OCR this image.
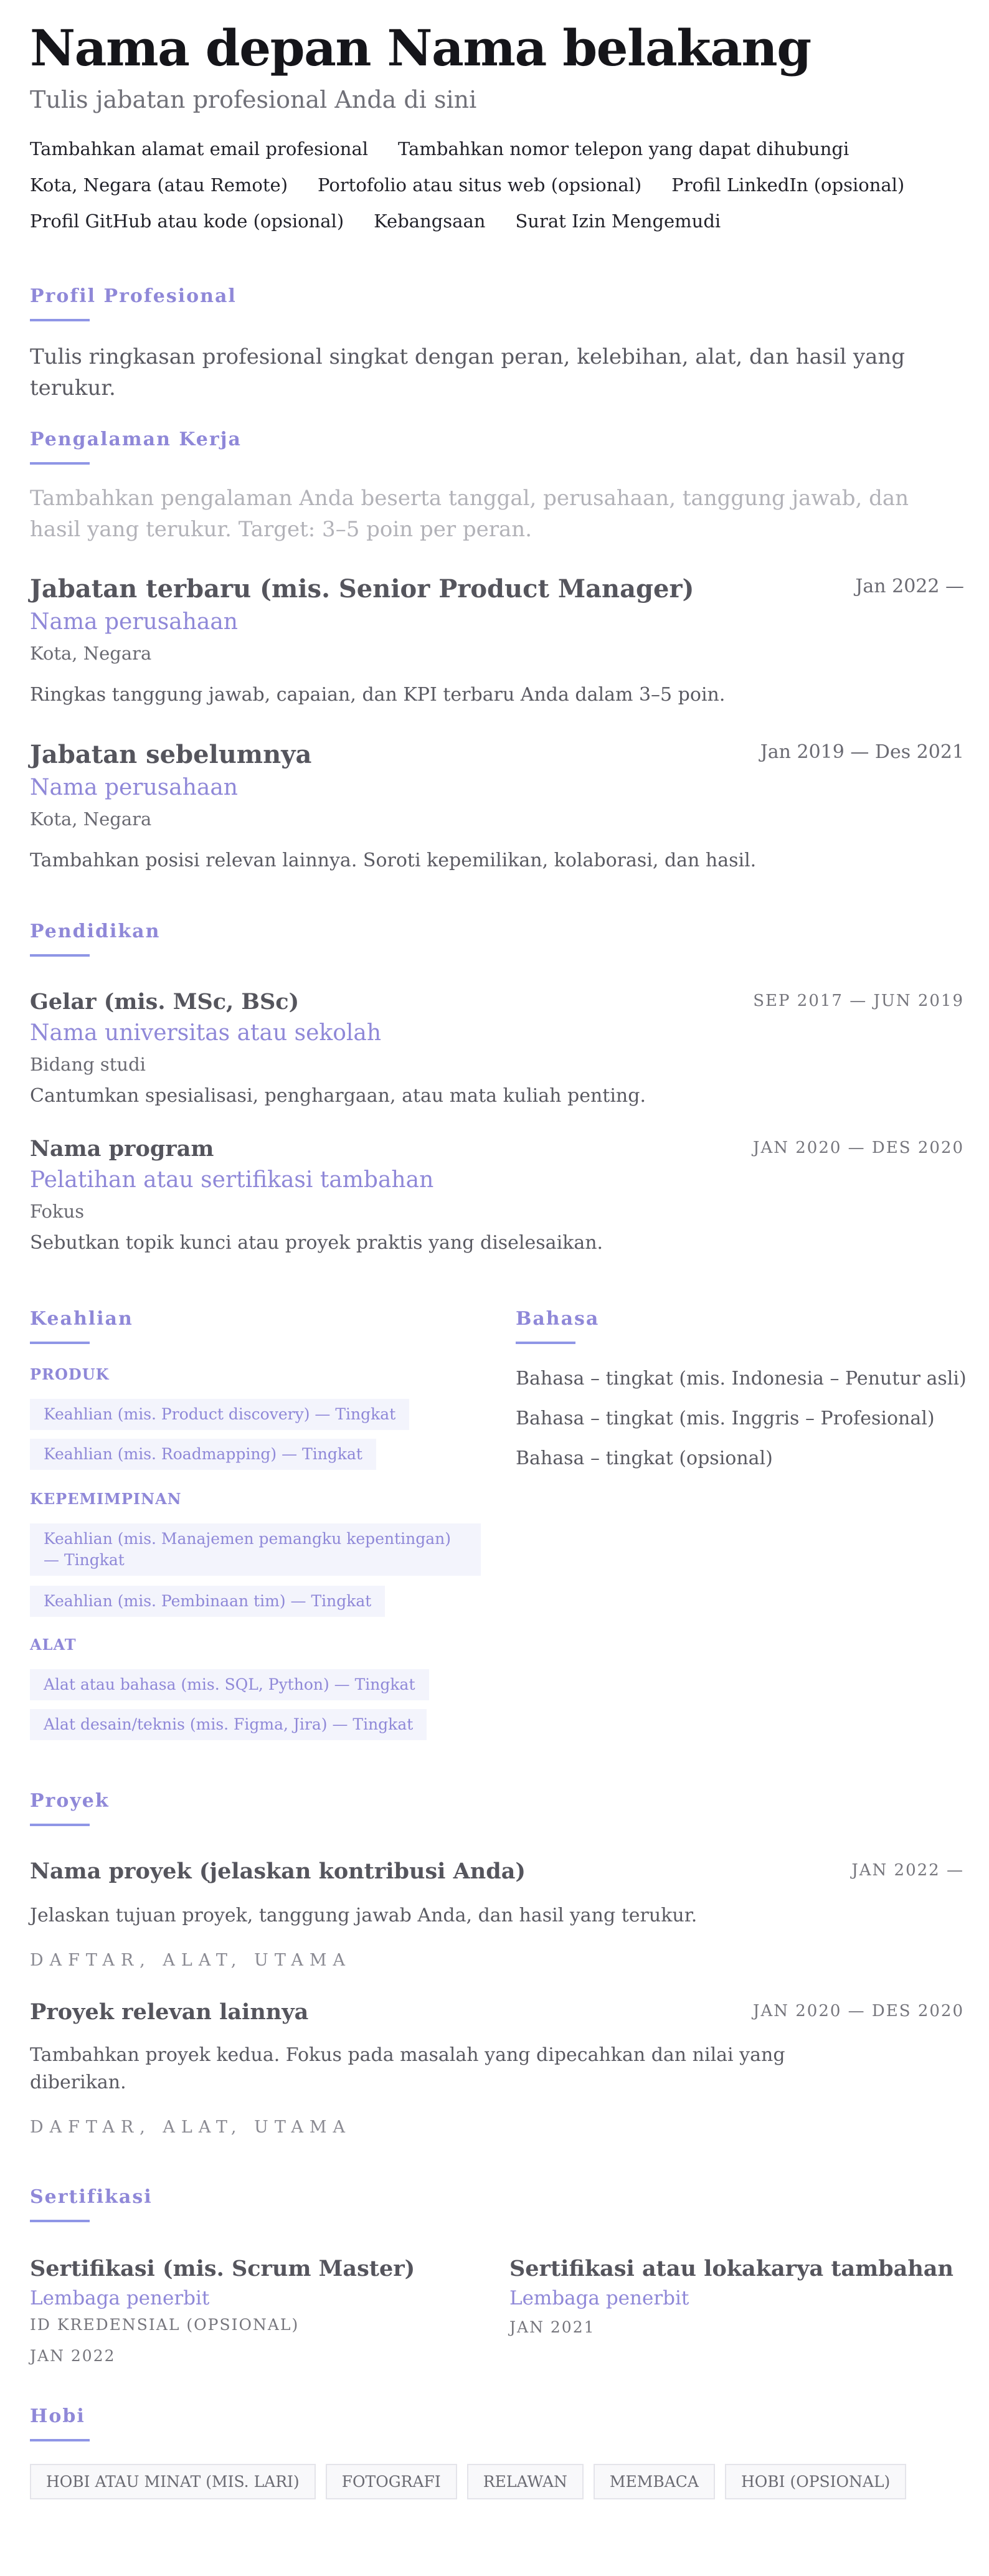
Nama depan Nama belakang
Tulis jabatan profesional Anda di sini
Tambahkan alamat email profesional Tambahkan nomor telepon yang dapat dihubungi
Kota, Negara (atau Remote) Portofolio atau situs web (opsional) Profil LinkedIn (opsional)
Profil GitHub atau kode (opsional) Kebangsaan Surat Izin Mengemudi
Profil Profesional
Tulis ringkasan profesional singkat dengan peran, kelebihan, alat, dan hasil yang terukur.
Pengalaman Kerja
Tambahkan pengalaman Anda beserta tanggal, perusahaan, tanggung jawab, dan hasil yang terukur. Target: 3–5 poin per peran.
Jabatan terbaru (mis. Senior Product Manager)	Jan 2022 —
Nama perusahaan
Kota, Negara
Ringkas tanggung jawab, capaian, dan KPI terbaru Anda dalam 3–5 poin.
Jabatan sebelumnya	Jan 2019 — Des 2021
Nama perusahaan
Kota, Negara
Tambahkan posisi relevan lainnya. Soroti kepemilikan, kolaborasi, dan hasil.
Pendidikan
Gelar (mis. MSc, BSc)	SEP 2017 — JUN 2019
Nama universitas atau sekolah
Bidang studi
Cantumkan spesialisasi, penghargaan, atau mata kuliah penting.
Nama program	JAN 2020 — DES 2020
Pelatihan atau sertifikasi tambahan
Fokus
Sebutkan topik kunci atau proyek praktis yang diselesaikan.
Keahlian
PRODUK
Keahlian (mis. Product discovery) — Tingkat
Keahlian (mis. Roadmapping) — Tingkat
KEPEMIMPINAN
Keahlian (mis. Manajemen pemangku kepentingan) — Tingkat
Keahlian (mis. Pembinaan tim) — Tingkat
ALAT
Alat atau bahasa (mis. SQL, Python) — Tingkat
Alat desain/teknis (mis. Figma, Jira) — Tingkat
Bahasa
Bahasa – tingkat (mis. Indonesia – Penutur asli)
Bahasa – tingkat (mis. Inggris – Profesional)
Bahasa – tingkat (opsional)
Proyek
Nama proyek (jelaskan kontribusi Anda)	JAN 2022 —
Jelaskan tujuan proyek, tanggung jawab Anda, dan hasil yang terukur.
DAFTAR, ALAT, UTAMA
Proyek relevan lainnya	JAN 2020 — DES 2020
Tambahkan proyek kedua. Fokus pada masalah yang dipecahkan dan nilai yang
diberikan.
DAFTAR, ALAT, UTAMA
Sertifikasi
Sertifikasi (mis. Scrum Master)
Lembaga penerbit
ID KREDENSIAL (OPSIONAL)
JAN 2022
Sertifikasi atau lokakarya tambahan
Lembaga penerbit
JAN 2021
Hobi
HOBI ATAU MINAT (MIS. LARI)	FOTOGRAFI	RELAWAN	MEMBACA	HOBI (OPSIONAL)
